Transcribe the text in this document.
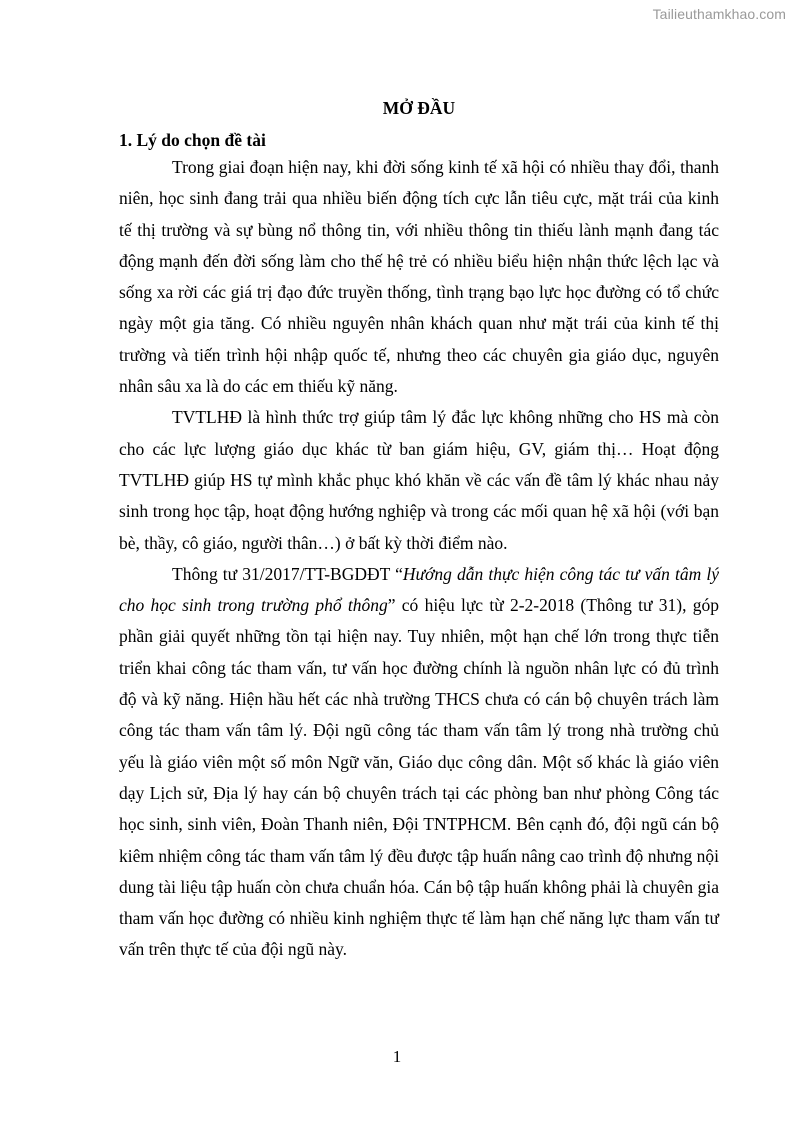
Tailieuthamkhao.com
MỞ ĐẦU
1. Lý do chọn đề tài

Trong giai đoạn hiện nay, khi đời sống kinh tế xã hội có nhiều thay đổi, thanh niên, học sinh đang trải qua nhiều biến động tích cực lẫn tiêu cực, mặt trái của kinh tế thị trường và sự bùng nổ thông tin, với nhiều thông tin thiếu lành mạnh đang tác động mạnh đến đời sống làm cho thế hệ trẻ có nhiều biểu hiện nhận thức lệch lạc và sống xa rời các giá trị đạo đức truyền thống, tình trạng bạo lực học đường có tổ chức ngày một gia tăng. Có nhiều nguyên nhân khách quan như mặt trái của kinh tế thị trường và tiến trình hội nhập quốc tế, nhưng theo các chuyên gia giáo dục, nguyên nhân sâu xa là do các em thiếu kỹ năng.

TVTLHĐ là hình thức trợ giúp tâm lý đắc lực không những cho HS mà còn cho các lực lượng giáo dục khác từ ban giám hiệu, GV, giám thị… Hoạt động TVTLHĐ giúp HS tự mình khắc phục khó khăn về các vấn đề tâm lý khác nhau nảy sinh trong học tập, hoạt động hướng nghiệp và trong các mối quan hệ xã hội (với bạn bè, thầy, cô giáo, người thân…) ở bất kỳ thời điểm nào.

Thông tư 31/2017/TT-BGDĐT “Hướng dẫn thực hiện công tác tư vấn tâm lý cho học sinh trong trường phổ thông” có hiệu lực từ 2-2-2018 (Thông tư 31), góp phần giải quyết những tồn tại hiện nay. Tuy nhiên, một hạn chế lớn trong thực tiễn triển khai công tác tham vấn, tư vấn học đường chính là nguồn nhân lực có đủ trình độ và kỹ năng. Hiện hầu hết các nhà trường THCS chưa có cán bộ chuyên trách làm công tác tham vấn tâm lý. Đội ngũ công tác tham vấn tâm lý trong nhà trường chủ yếu là giáo viên một số môn Ngữ văn, Giáo dục công dân. Một số khác là giáo viên dạy Lịch sử, Địa lý hay cán bộ chuyên trách tại các phòng ban như phòng Công tác học sinh, sinh viên, Đoàn Thanh niên, Đội TNTPHCM. Bên cạnh đó, đội ngũ cán bộ kiêm nhiệm công tác tham vấn tâm lý đều được tập huấn nâng cao trình độ nhưng nội dung tài liệu tập huấn còn chưa chuẩn hóa. Cán bộ tập huấn không phải là chuyên gia tham vấn học đường có nhiều kinh nghiệm thực tế làm hạn chế năng lực tham vấn tư vấn trên thực tế của đội ngũ này.

1
